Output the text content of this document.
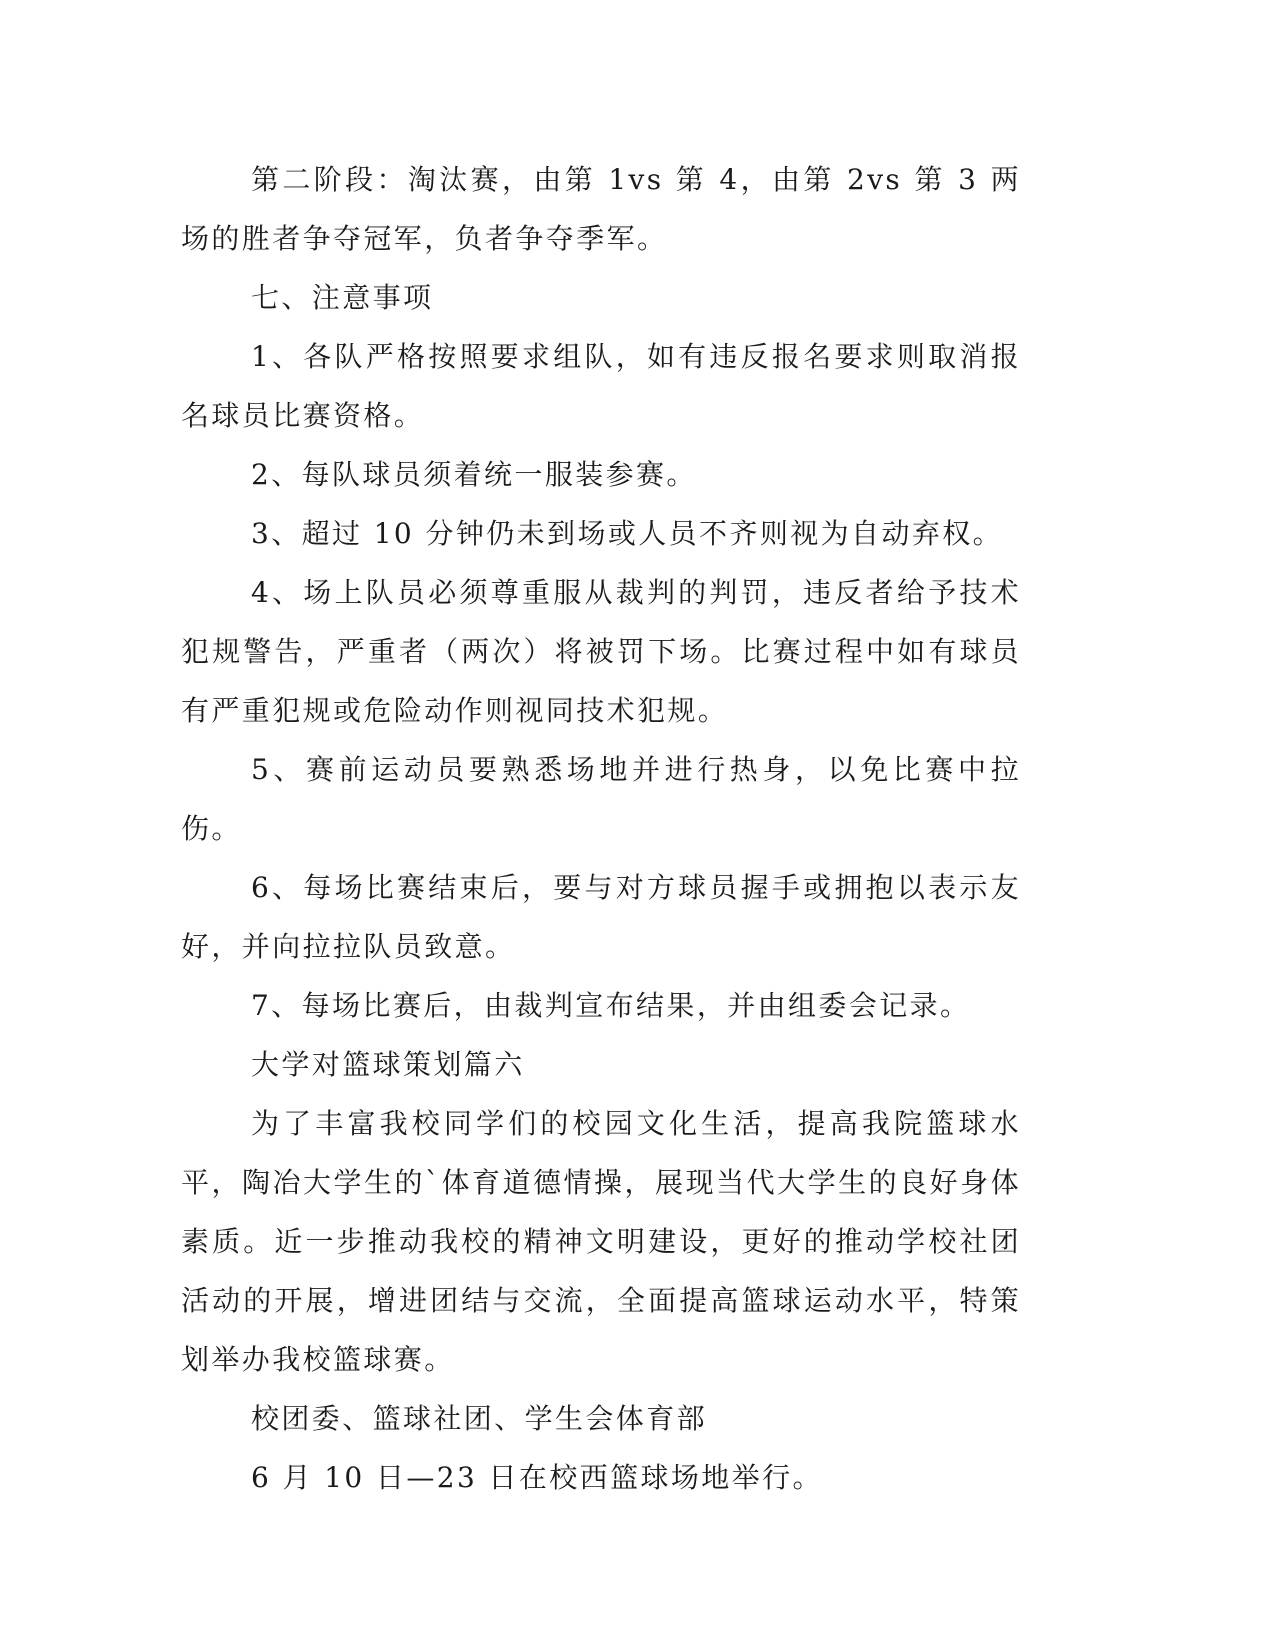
第二阶段：淘汰赛，由第 1vs 第 4，由第 2vs 第 3 两场的胜者争夺冠军，负者争夺季军。

七、注意事项

1、各队严格按照要求组队，如有违反报名要求则取消报名球员比赛资格。

2、每队球员须着统一服装参赛。

3、超过 10 分钟仍未到场或人员不齐则视为自动弃权。

4、场上队员必须尊重服从裁判的判罚，违反者给予技术犯规警告，严重者（两次）将被罚下场。比赛过程中如有球员有严重犯规或危险动作则视同技术犯规。

5、赛前运动员要熟悉场地并进行热身，以免比赛中拉伤。

6、每场比赛结束后，要与对方球员握手或拥抱以表示友好，并向拉拉队员致意。

7、每场比赛后，由裁判宣布结果，并由组委会记录。

大学对篮球策划篇六

为了丰富我校同学们的校园文化生活，提高我院篮球水平，陶冶大学生的`体育道德情操，展现当代大学生的良好身体素质。近一步推动我校的精神文明建设，更好的推动学校社团活动的开展，增进团结与交流，全面提高篮球运动水平，特策划举办我校篮球赛。

校团委、篮球社团、学生会体育部

6 月 10 日—23 日在校西篮球场地举行。
